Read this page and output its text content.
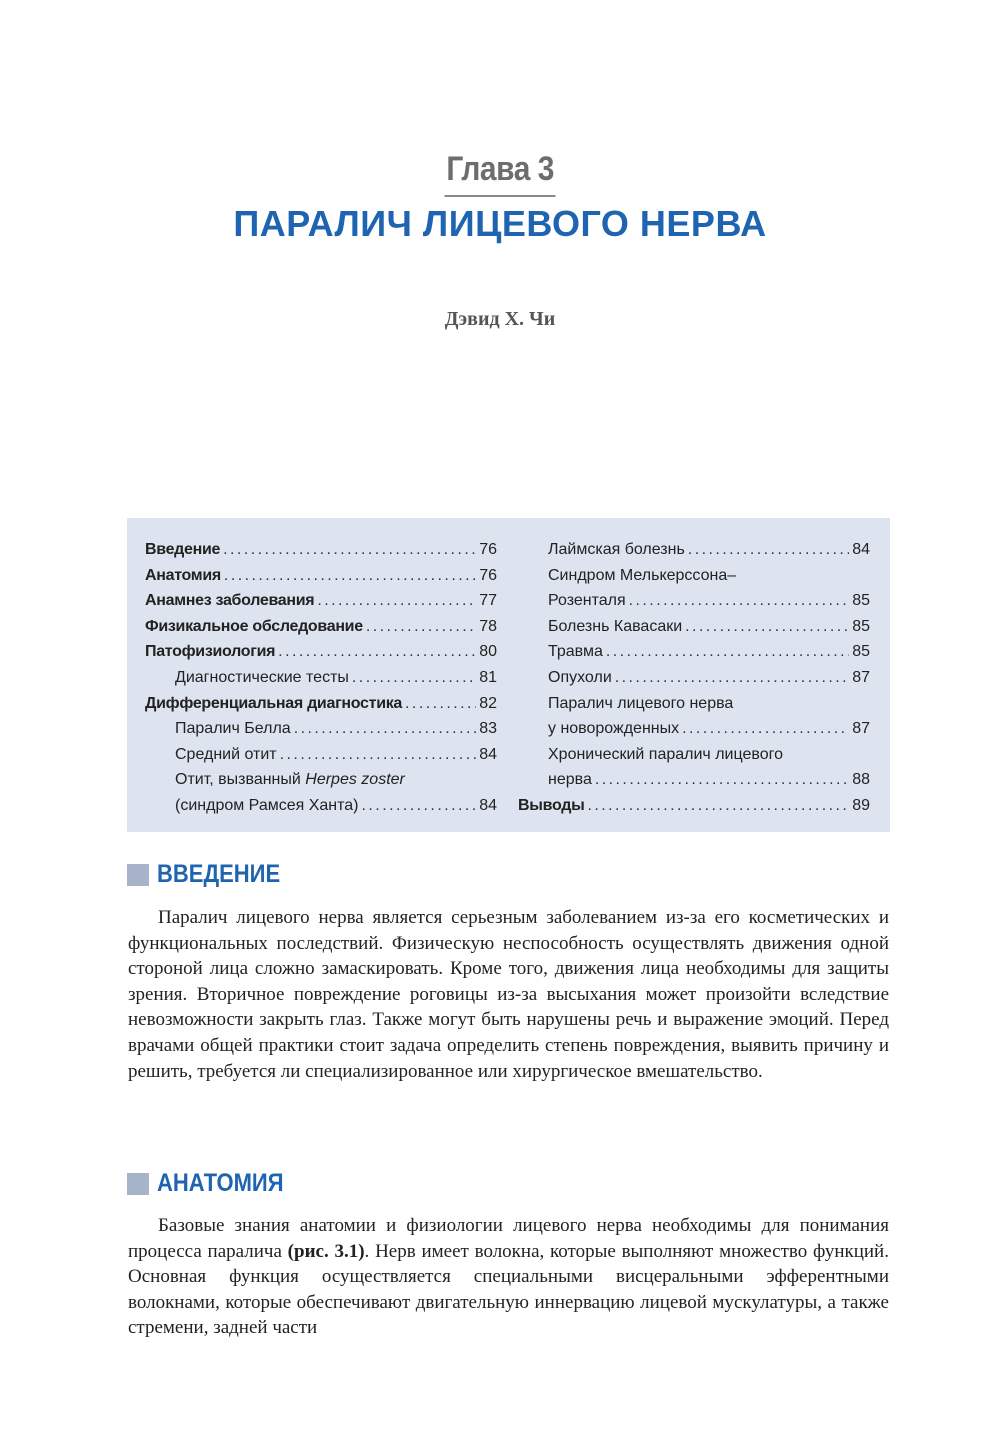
Глава 3
ПАРАЛИЧ ЛИЦЕВОГО НЕРВА
Дэвид Х. Чи
Введение . . .	76
Анатомия . . .	76
Анамнез заболевания . . .	77
Физикальное обследование . . .	78
Патофизиология . . .	80
Диагностические тесты . . .	81
Дифференциальная диагностика . . .	82
Паралич Белла . . .	83
Средний отит . . .	84
Отит, вызванный Herpes zoster
(синдром Рамсея Ханта) . . .	84
Лаймская болезнь . . .	84
Синдром Мелькерссона–
Розенталя . . .	85
Болезнь Кавасаки . . .	85
Травма . . .	85
Опухоли . . .	87
Паралич лицевого нерва
у новорожденных . . .	87
Хронический паралич лицевого
нерва . . .	88
Выводы . . .	89
ВВЕДЕНИЕ

Паралич лицевого нерва является серьезным заболеванием из-за его косметических и функциональных последствий. Физическую неспособность осуществлять движения одной стороной лица сложно замаскировать. Кроме того, движения лица необходимы для защиты зрения. Вторичное повреждение роговицы из-за высыхания может произойти вследствие невозможности закрыть глаз. Также могут быть нарушены речь и выражение эмоций. Перед врачами общей практики стоит задача определить степень повреждения, выявить причину и решить, требуется ли специализированное или хирургическое вмешательство.

АНАТОМИЯ

Базовые знания анатомии и физиологии лицевого нерва необходимы для понимания процесса паралича (рис. 3.1). Нерв имеет волокна, которые выполняют множество функций. Основная функция осуществляется специальными висцеральными эфферентными волокнами, которые обеспечивают двигательную иннервацию лицевой мускулатуры, а также стремени, задней части
